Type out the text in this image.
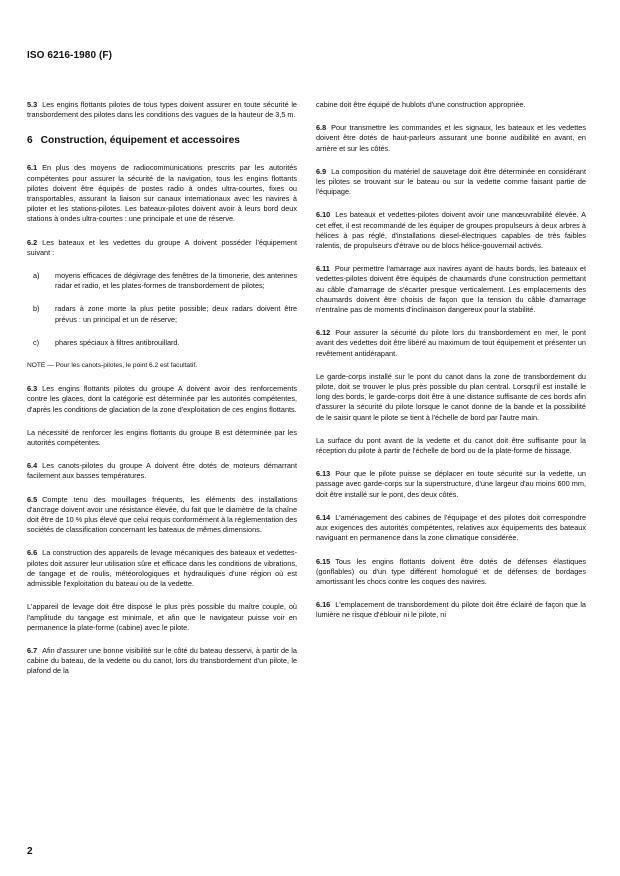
ISO 6216-1980 (F)

5.3 Les engins flottants pilotes de tous types doivent assurer en toute sécurité le transbordement des pilotes dans les conditions des vagues de la hauteur de 3,5 m.

6 Construction, équipement et accessoires

6.1 En plus des moyens de radiocommunications prescrits par les autorités compétentes pour assurer la sécurité de la navigation, tous les engins flottants pilotes doivent être équipés de postes radio à ondes ultra-courtes, fixes ou transportables, assurant la liaison sur canaux internationaux avec les navires à piloter et les stations-pilotes. Les bateaux-pilotes doivent avoir à leurs bord deux stations à ondes ultra-courtes : une principale et une de réserve.

6.2 Les bateaux et les vedettes du groupe A doivent posséder l'équipement suivant :

a)	moyens efficaces de dégivrage des fenêtres de la timonerie, des antennes radar et radio, et les plates-formes de transbordement de pilotes;
b)	radars à zone morte la plus petite possible; deux radars doivent être prévus : un principal et un de réserve;
c)	phares spéciaux à filtres antibrouillard.

NOTE — Pour les canots-pilotes, le point 6.2 est facultatif.

6.3 Les engins flottants pilotes du groupe A doivent avoir des renforcements contre les glaces, dont la catégorie est déterminée par les autorités compétentes, d'après les conditions de glaciation de la zone d'exploitation de ces engins flottants.

La nécessité de renforcer les engins flottants du groupe B est déterminée par les autorités compétentes.

6.4 Les canots-pilotes du groupe A doivent être dotés de moteurs démarrant facilement aux basses températures.

6.5 Compte tenu des mouillages fréquents, les éléments des installations d'ancrage doivent avoir une résistance élevée, du fait que le diamètre de la chaîne doit être de 10 % plus élevé que celui requis conformément à la réglementation des sociétés de classification concernant les bateaux de mêmes dimensions.

6.6 La construction des appareils de levage mécaniques des bateaux et vedettes-pilotes doit assurer leur utilisation sûre et efficace dans les conditions de vibrations, de tangage et de roulis, météorologiques et hydrauliques d'une région où est admissible l'exploitation du bateau ou de la vedette.

L'appareil de levage doit être disposé le plus près possible du maître couple, où l'amplitude du tangage est minimale, et afin que le navigateur puisse voir en permanence la plate-forme (cabine) avec le pilote.

6.7 Afin d'assurer une bonne visibilité sur le côté du bateau desservi, à partir de la cabine du bateau, de la vedette ou du canot, lors du transbordement d'un pilote, le plafond de la

cabine doit être équipé de hublots d'une construction appropriée.

6.8 Pour transmettre les commandes et les signaux, les bateaux et les vedettes doivent être dotés de haut-parleurs assurant une bonne audibilité en avant, en arrière et sur les côtés.

6.9 La composition du matériel de sauvetage doit être déterminée en considérant les pilotes se trouvant sur le bateau ou sur la vedette comme faisant partie de l'équipage.

6.10 Les bateaux et vedettes-pilotes doivent avoir une manœuvrabilité élevée. A cet effet, il est recommandé de les équiper de groupes propulseurs à deux arbres à hélices à pas réglé, d'installations diesel-électriques capables de très faibles ralentis, de propulseurs d'étrave ou de blocs hélice-gouvernail activés.

6.11 Pour permettre l'amarrage aux navires ayant de hauts bords, les bateaux et vedettes-pilotes doivent être équipés de chaumards d'une construction permettant au câble d'amarrage de s'écarter presque verticalement. Les emplacements des chaumards doivent être choisis de façon que la tension du câble d'amarrage n'entraîne pas de moments d'inclinaison dangereux pour la stabilité.

6.12 Pour assurer la sécurité du pilote lors du transbordement en mer, le pont avant des vedettes doit être libéré au maximum de tout équipement et présenter un revêtement antidérapant.

Le garde-corps installé sur le pont du canot dans la zone de transbordement du pilote, doit se trouver le plus près possible du plan central. Lorsqu'il est installé le long des bords, le garde-corps doit être à une distance suffisante de ces bords afin d'assurer la sécurité du pilote lorsque le canot donne de la bande et la possibilité de le saisir quant le pilote se tient à l'échelle de bord par l'autre main.

La surface du pont avant de la vedette et du canot doit être suffisante pour la réception du pilote à partir de l'échelle de bord ou de la plate-forme de hissage.

6.13 Pour que le pilote puisse se déplacer en toute sécurité sur la vedette, un passage avec garde-corps sur la superstructure, d'une largeur d'au moins 600 mm, doit être installé sur le pont, des deux côtés.

6.14 L'aménagement des cabines de l'équipage et des pilotes doit correspondre aux exigences des autorités compétentes, relatives aux équipements des bateaux naviguant en permanence dans la zone climatique considérée.

6.15 Tous les engins flottants doivent être dotés de défenses élastiques (gonflables) ou d'un type différent homologué et de défenses de bordages amortissant les chocs contre les coques des navires.

6.16 L'emplacement de transbordement du pilote doit être éclairé de façon que la lumière ne risque d'éblouir ni le pilote, ni

2
